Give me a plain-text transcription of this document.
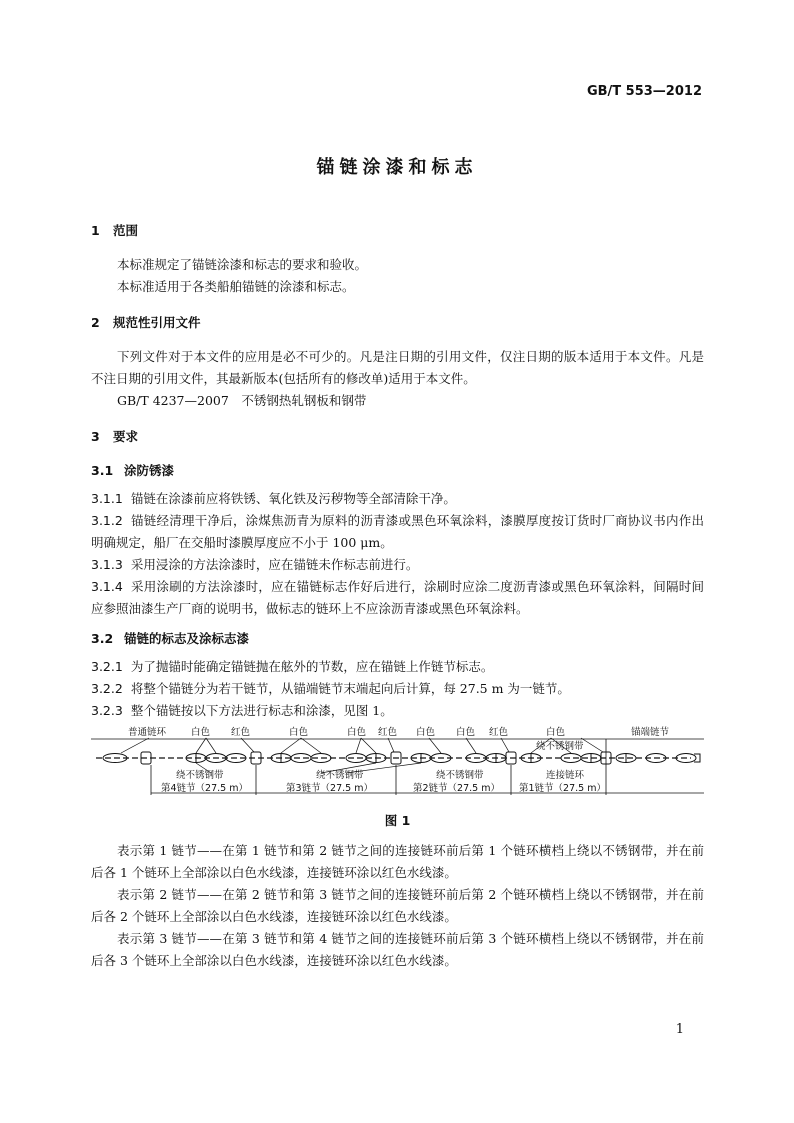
GB/T 553—2012
锚链涂漆和标志
1 范围

本标准规定了锚链涂漆和标志的要求和验收。

本标准适用于各类船舶锚链的涂漆和标志。

2 规范性引用文件

下列文件对于本文件的应用是必不可少的。凡是注日期的引用文件，仅注日期的版本适用于本文件。凡是不注日期的引用文件，其最新版本(包括所有的修改单)适用于本文件。

GB/T 4237—2007　不锈钢热轧钢板和钢带

3 要求
3.1 涂防锈漆

3.1.1 锚链在涂漆前应将铁锈、氧化铁及污秽物等全部清除干净。

3.1.2 锚链经清理干净后，涂煤焦沥青为原料的沥青漆或黑色环氧涂料，漆膜厚度按订货时厂商协议书内作出明确规定，船厂在交船时漆膜厚度应不小于 100 μm。

3.1.3 采用浸涂的方法涂漆时，应在锚链未作标志前进行。

3.1.4 采用涂刷的方法涂漆时，应在锚链标志作好后进行，涂刷时应涂二度沥青漆或黑色环氧涂料，间隔时间应参照油漆生产厂商的说明书，做标志的链环上不应涂沥青漆或黑色环氧涂料。

3.2 锚链的标志及涂标志漆

3.2.1 为了抛锚时能确定锚链抛在舷外的节数，应在锚链上作链节标志。

3.2.2 将整个锚链分为若干链节，从锚端链节末端起向后计算，每 27.5 m 为一链节。

3.2.3 整个锚链按以下方法进行标志和涂漆，见图 1。

普通链环	白色 红色	白色	白色 红色 白色 白色 红色	白色
绕不锈钢带
锚端链节
绕不锈钢带	绕不锈钢带	绕不锈钢带	连接链环
第4链节（27.5 m）	第3链节（27.5 m）	第2链节（27.5 m） 第1链节（27.5 m）
图 1

表示第 1 链节——在第 1 链节和第 2 链节之间的连接链环前后第 1 个链环横档上绕以不锈钢带，并在前后各 1 个链环上全部涂以白色水线漆，连接链环涂以红色水线漆。

表示第 2 链节——在第 2 链节和第 3 链节之间的连接链环前后第 2 个链环横档上绕以不锈钢带，并在前后各 2 个链环上全部涂以白色水线漆，连接链环涂以红色水线漆。

表示第 3 链节——在第 3 链节和第 4 链节之间的连接链环前后第 3 个链环横档上绕以不锈钢带，并在前后各 3 个链环上全部涂以白色水线漆，连接链环涂以红色水线漆。

1
